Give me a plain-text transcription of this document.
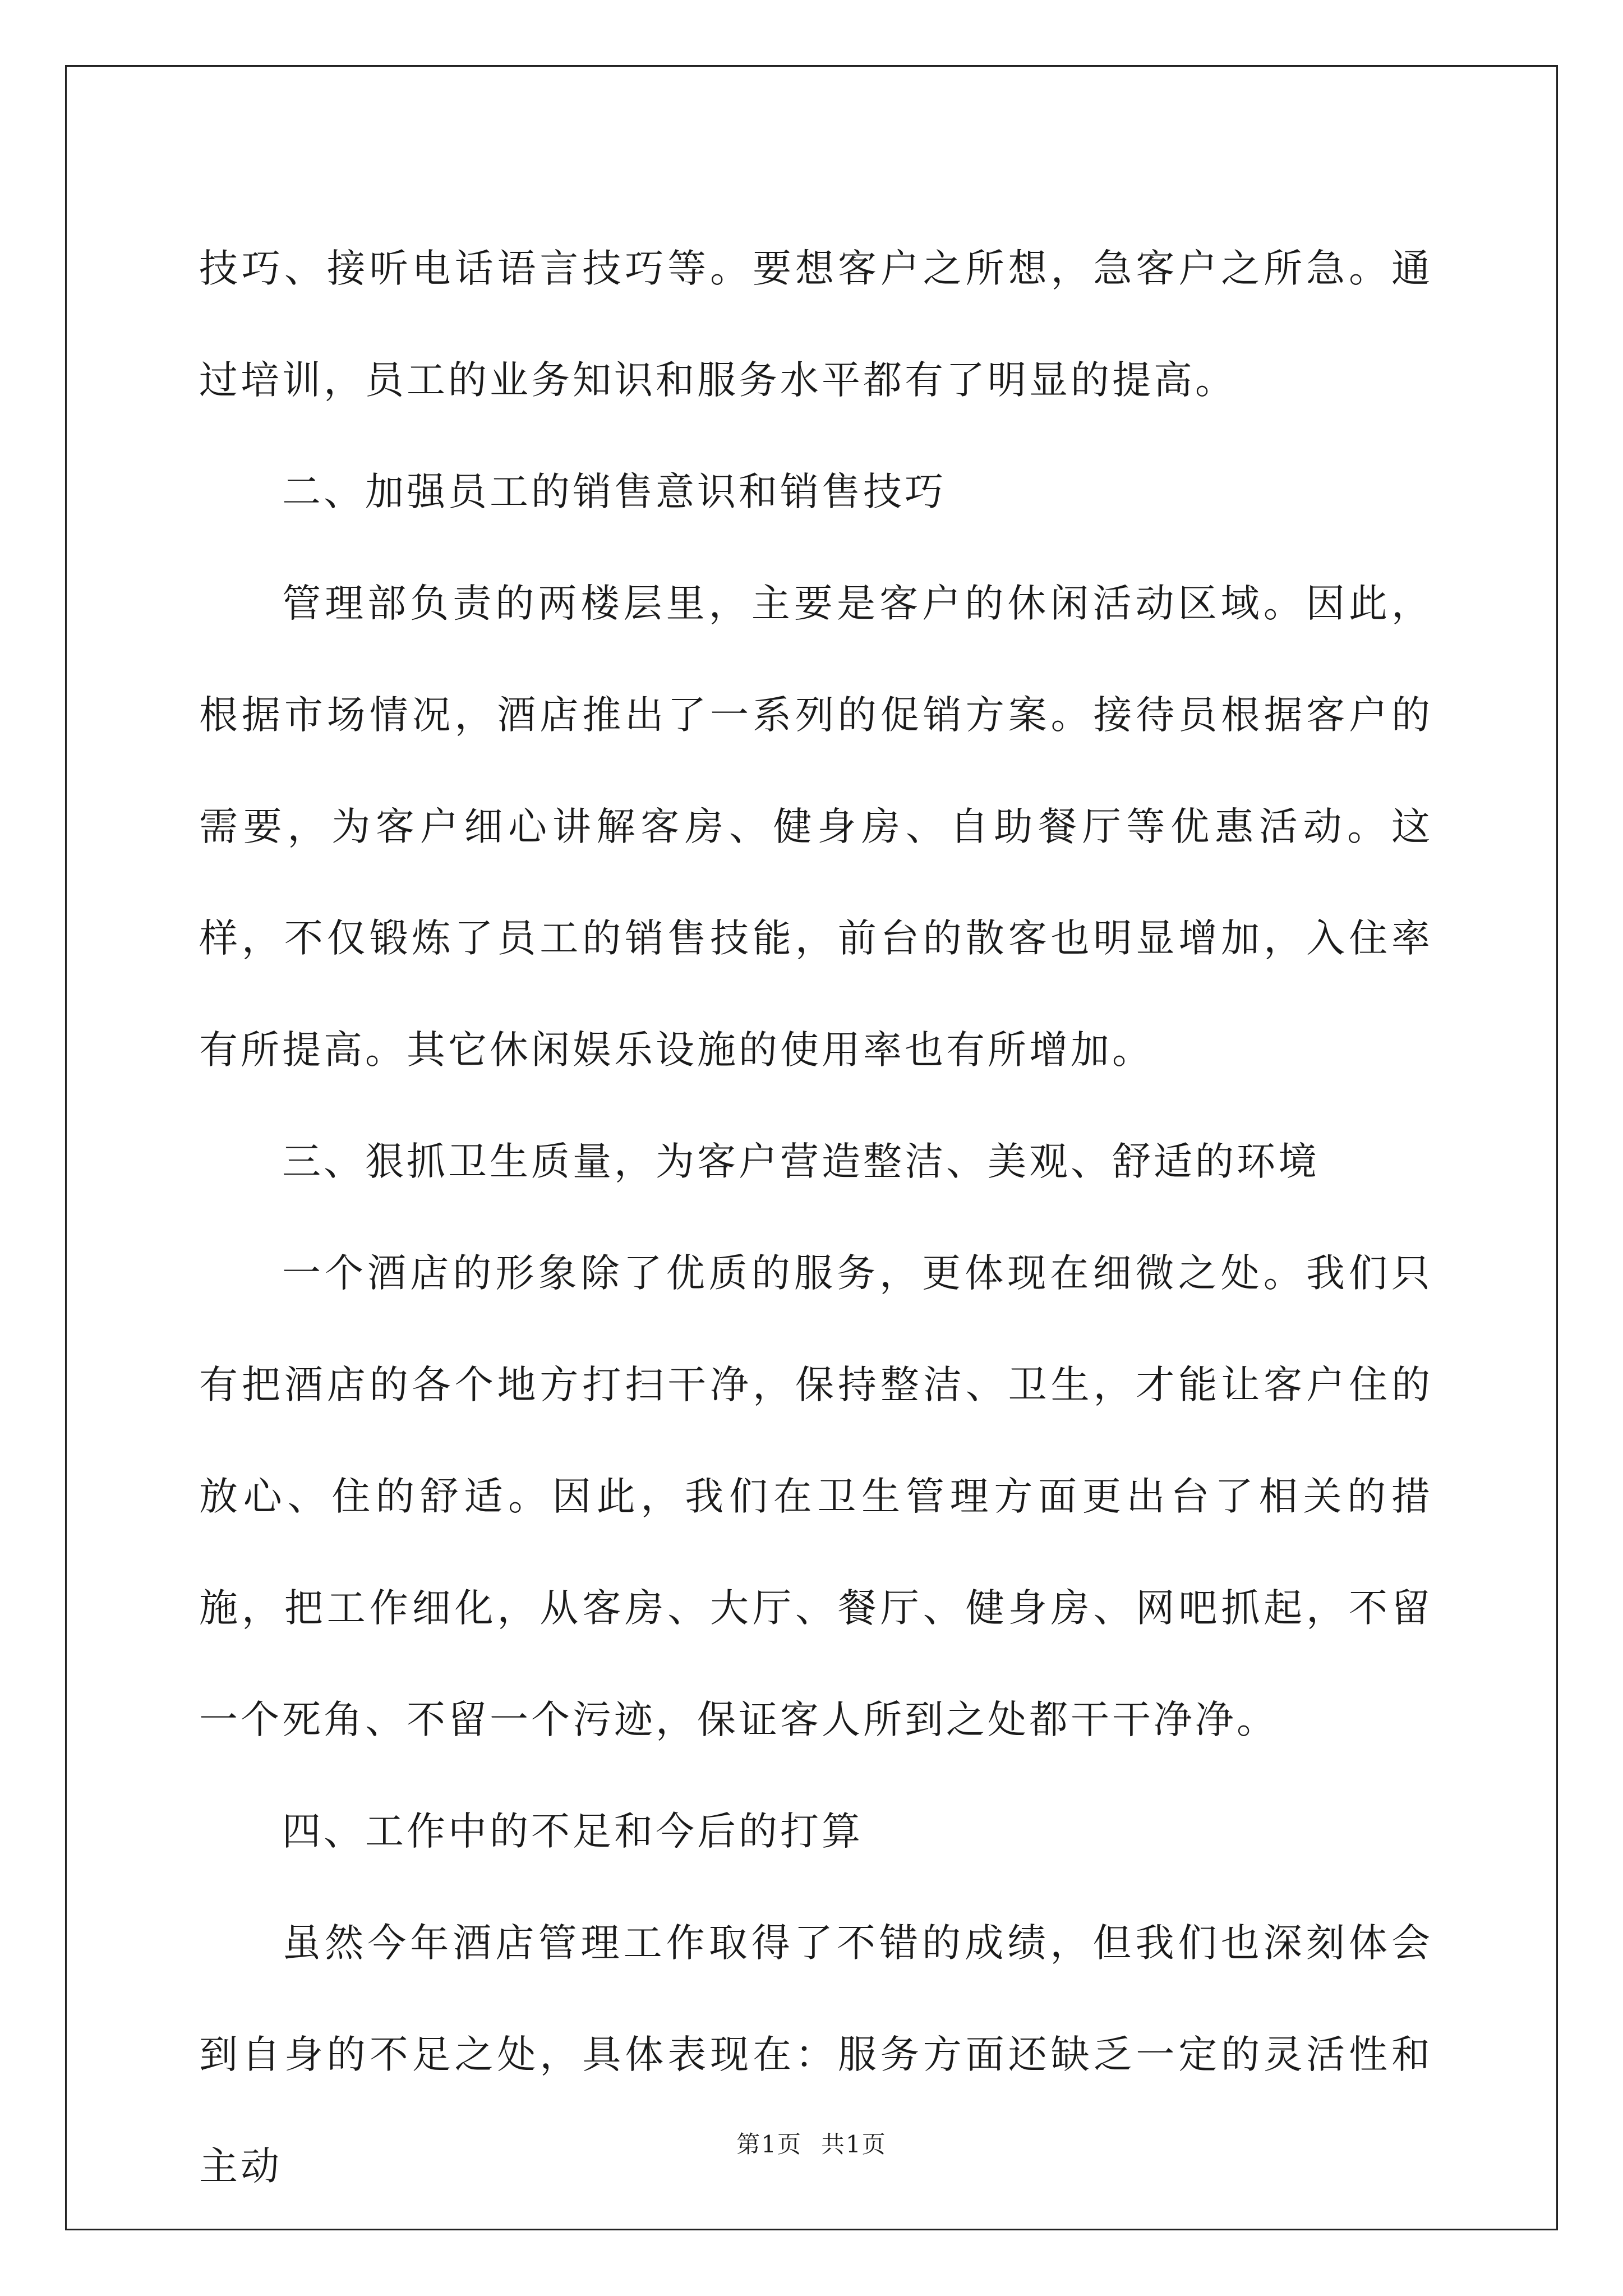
技巧、接听电话语言技巧等。要想客户之所想，急客户之所急。通过培训，员工的业务知识和服务水平都有了明显的提高。

二、加强员工的销售意识和销售技巧

管理部负责的两楼层里，主要是客户的休闲活动区域。因此，根据市场情况，酒店推出了一系列的促销方案。接待员根据客户的需要，为客户细心讲解客房、健身房、自助餐厅等优惠活动。这样，不仅锻炼了员工的销售技能，前台的散客也明显增加，入住率有所提高。其它休闲娱乐设施的使用率也有所增加。

三、狠抓卫生质量，为客户营造整洁、美观、舒适的环境

一个酒店的形象除了优质的服务，更体现在细微之处。我们只有把酒店的各个地方打扫干净，保持整洁、卫生，才能让客户住的放心、住的舒适。因此，我们在卫生管理方面更出台了相关的措施，把工作细化，从客房、大厅、餐厅、健身房、网吧抓起，不留一个死角、不留一个污迹，保证客人所到之处都干干净净。

四、工作中的不足和今后的打算

虽然今年酒店管理工作取得了不错的成绩，但我们也深刻体会到自身的不足之处，具体表现在：服务方面还缺乏一定的灵活性和主动	第1页 共1页
